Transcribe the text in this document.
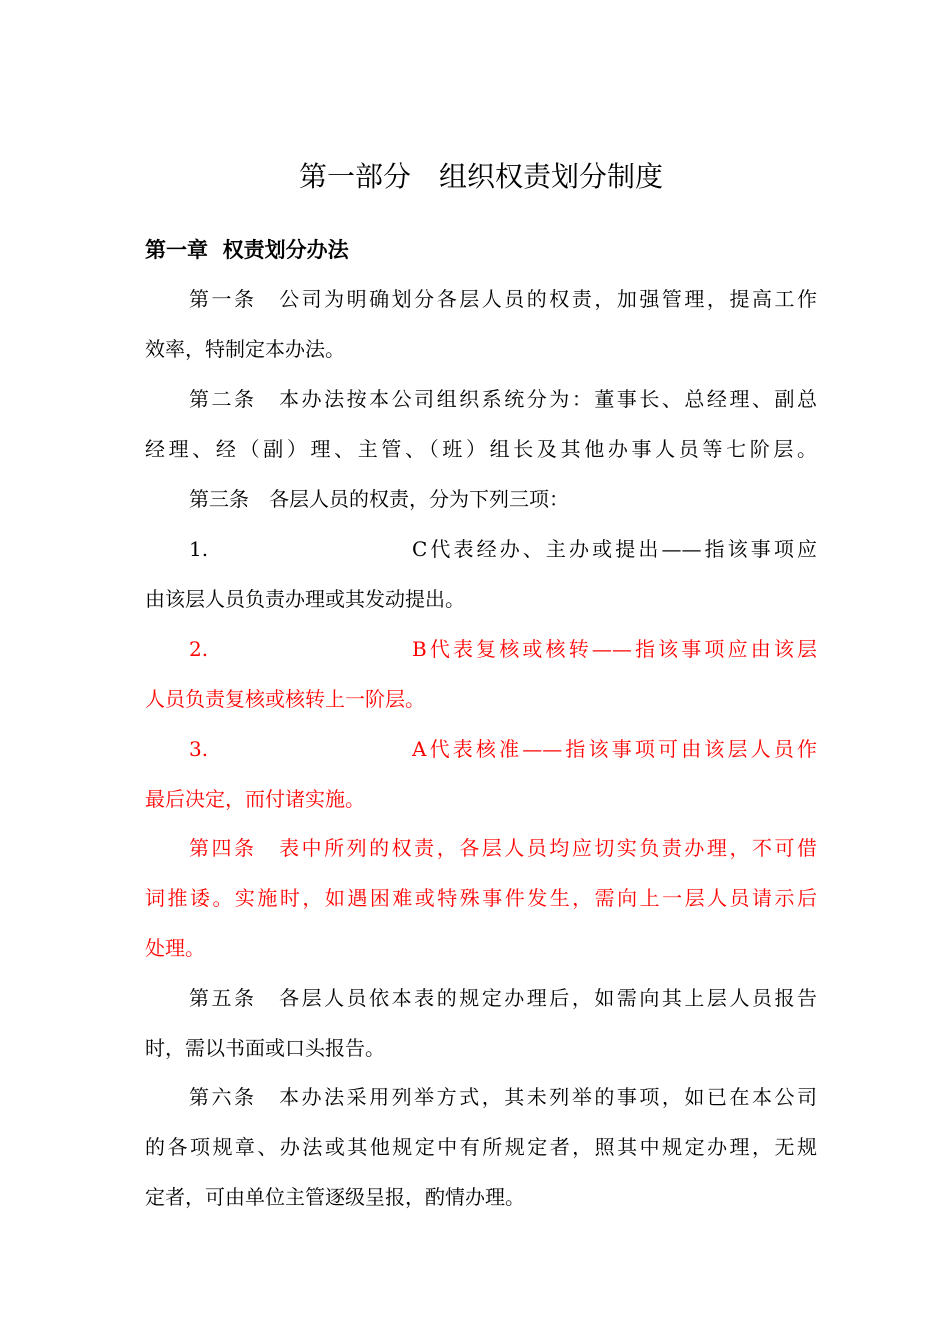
第一部分　组织权责划分制度
第一章  权责划分办法
第一条　公司为明确划分各层人员的权责，加强管理，提高工作
效率，特制定本办法。
第二条　本办法按本公司组织系统分为：董事长、总经理、副总
经理、经（副）理、主管、（班）组长及其他办事人员等七阶层。
第三条　各层人员的权责，分为下列三项：
1.	C代表经办、主办或提出——指该事项应
由该层人员负责办理或其发动提出。
2.	B代表复核或核转——指该事项应由该层
人员负责复核或核转上一阶层。
3.	A代表核准——指该事项可由该层人员作
最后决定，而付诸实施。
第四条　表中所列的权责，各层人员均应切实负责办理，不可借
词推诿。实施时，如遇困难或特殊事件发生，需向上一层人员请示后
处理。
第五条　各层人员依本表的规定办理后，如需向其上层人员报告
时，需以书面或口头报告。
第六条　本办法采用列举方式，其未列举的事项，如已在本公司
的各项规章、办法或其他规定中有所规定者，照其中规定办理，无规
定者，可由单位主管逐级呈报，酌情办理。
